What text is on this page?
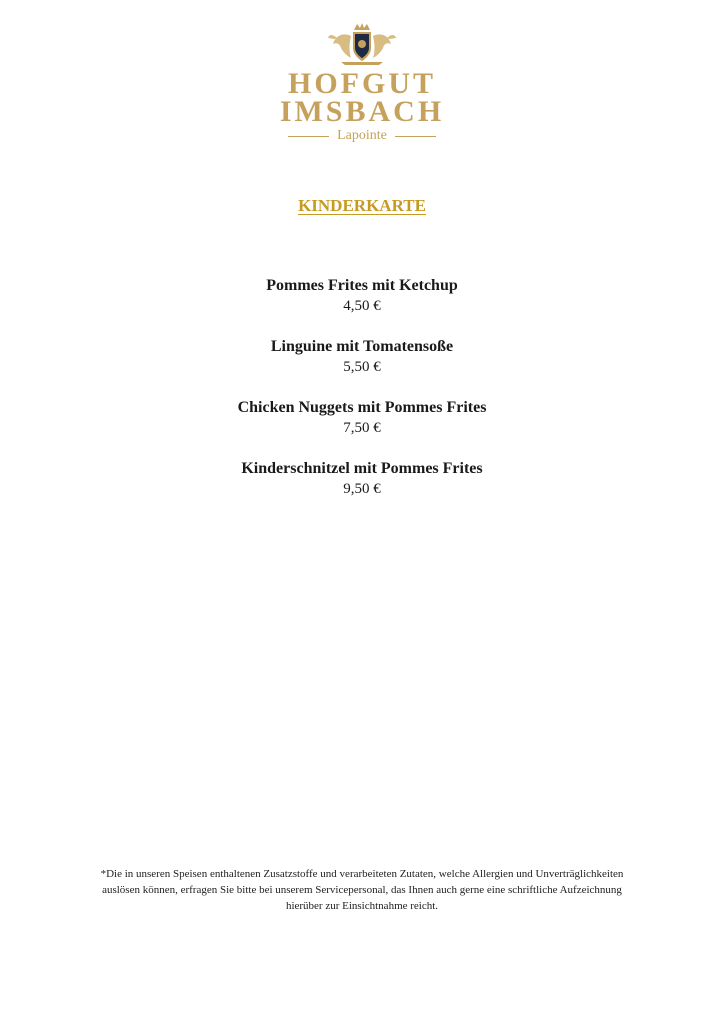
HOFGUT
IMSBACH
Lapointe
KINDERKARTE
Pommes Frites mit Ketchup
4,50 €
Linguine mit Tomatensoße
5,50 €
Chicken Nuggets mit Pommes Frites
7,50 €
Kinderschnitzel mit Pommes Frites
9,50 €
*Die in unseren Speisen enthaltenen Zusatzstoffe und verarbeiteten Zutaten, welche Allergien und Unverträglichkeiten auslösen können, erfragen Sie bitte bei unserem Servicepersonal, das Ihnen auch gerne eine schriftliche Aufzeichnung hierüber zur Einsichtnahme reicht.
